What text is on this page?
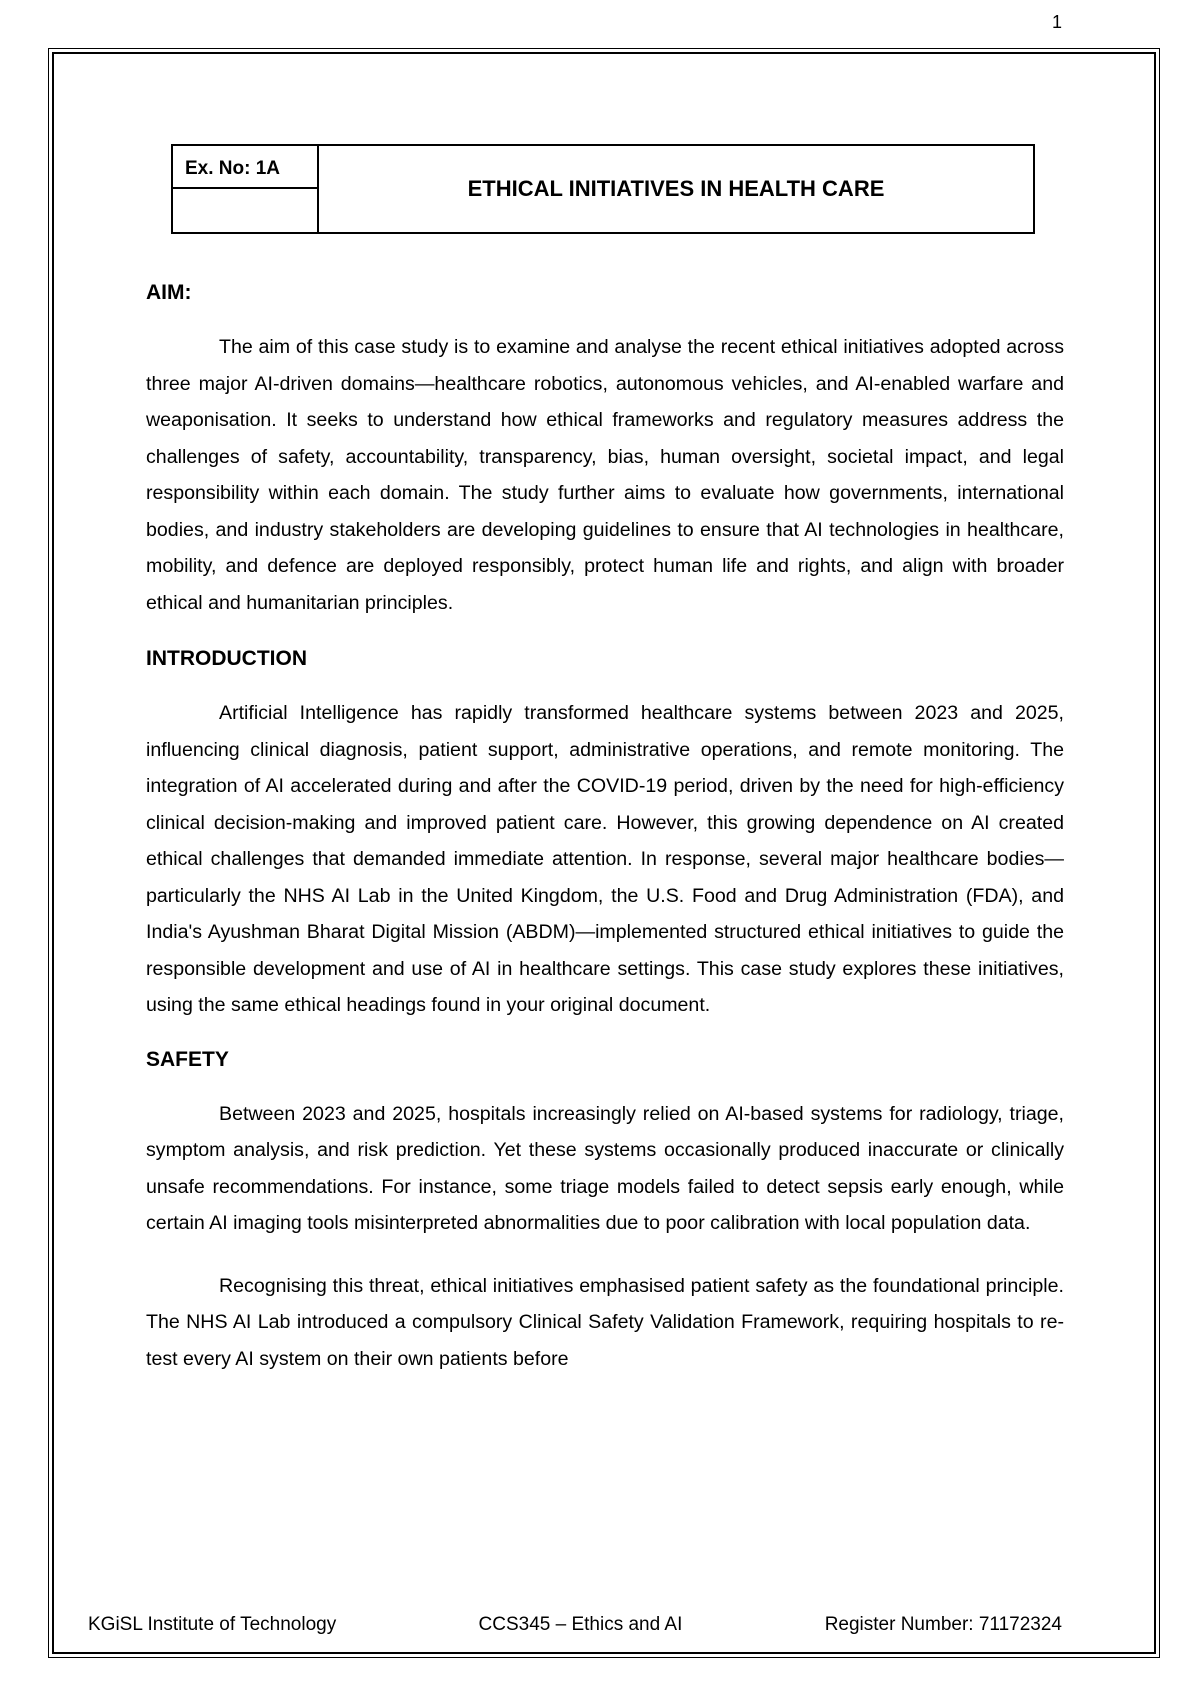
1
Ex. No: 1A
ETHICAL INITIATIVES IN HEALTH CARE
AIM:

The aim of this case study is to examine and analyse the recent ethical initiatives adopted across three major AI-driven domains—healthcare robotics, autonomous vehicles, and AI-enabled warfare and weaponisation. It seeks to understand how ethical frameworks and regulatory measures address the challenges of safety, accountability, transparency, bias, human oversight, societal impact, and legal responsibility within each domain. The study further aims to evaluate how governments, international bodies, and industry stakeholders are developing guidelines to ensure that AI technologies in healthcare, mobility, and defence are deployed responsibly, protect human life and rights, and align with broader ethical and humanitarian principles.

INTRODUCTION

Artificial Intelligence has rapidly transformed healthcare systems between 2023 and 2025, influencing clinical diagnosis, patient support, administrative operations, and remote monitoring. The integration of AI accelerated during and after the COVID-19 period, driven by the need for high-efficiency clinical decision-making and improved patient care. However, this growing dependence on AI created ethical challenges that demanded immediate attention. In response, several major healthcare bodies—particularly the NHS AI Lab in the United Kingdom, the U.S. Food and Drug Administration (FDA), and India's Ayushman Bharat Digital Mission (ABDM)—implemented structured ethical initiatives to guide the responsible development and use of AI in healthcare settings. This case study explores these initiatives, using the same ethical headings found in your original document.

SAFETY

Between 2023 and 2025, hospitals increasingly relied on AI-based systems for radiology, triage, symptom analysis, and risk prediction. Yet these systems occasionally produced inaccurate or clinically unsafe recommendations. For instance, some triage models failed to detect sepsis early enough, while certain AI imaging tools misinterpreted abnormalities due to poor calibration with local population data.

Recognising this threat, ethical initiatives emphasised patient safety as the foundational principle. The NHS AI Lab introduced a compulsory Clinical Safety Validation Framework, requiring hospitals to re-test every AI system on their own patients before

KGiSL Institute of Technology	CCS345 – Ethics and AI	Register Number: 71172324
